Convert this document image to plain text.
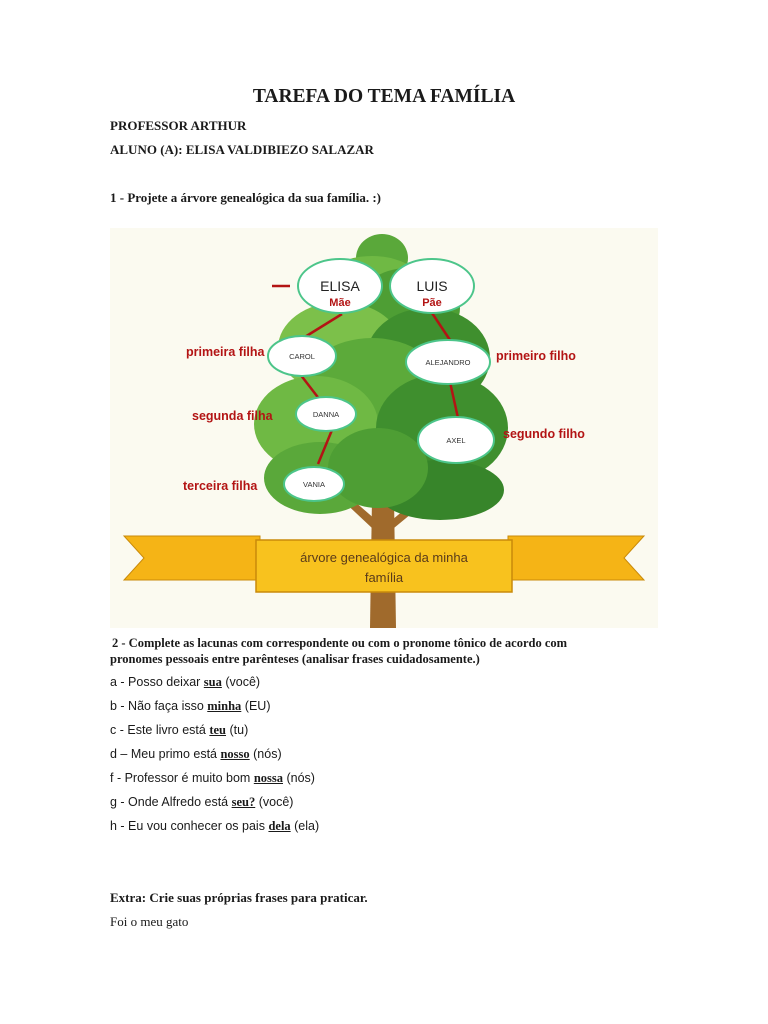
TAREFA DO TEMA FAMÍLIA
PROFESSOR ARTHUR
ALUNO (A): ELISA VALDIBIEZO SALAZAR
1 - Projete a árvore genealógica da sua família. :)
ELISA
Mãe
LUIS
Pãe
CAROL
ALEJANDRO
DANNA
AXEL
VANIA
primeira filha
segunda filha
terceira filha
primeiro filho
segundo filho
árvore genealógica da minha
família
2 - Complete as lacunas com correspondente ou com o pronome tônico de acordo com
pronomes pessoais entre parênteses (analisar frases cuidadosamente.)
a - Posso deixar sua (você)
b - Não faça isso minha (EU)
c - Este livro está teu (tu)
d – Meu primo está nosso (nós)
f - Professor é muito bom nossa (nós)
g - Onde Alfredo está seu? (você)
h - Eu vou conhecer os pais dela (ela)
Extra: Crie suas próprias frases para praticar.
Foi o meu gato
